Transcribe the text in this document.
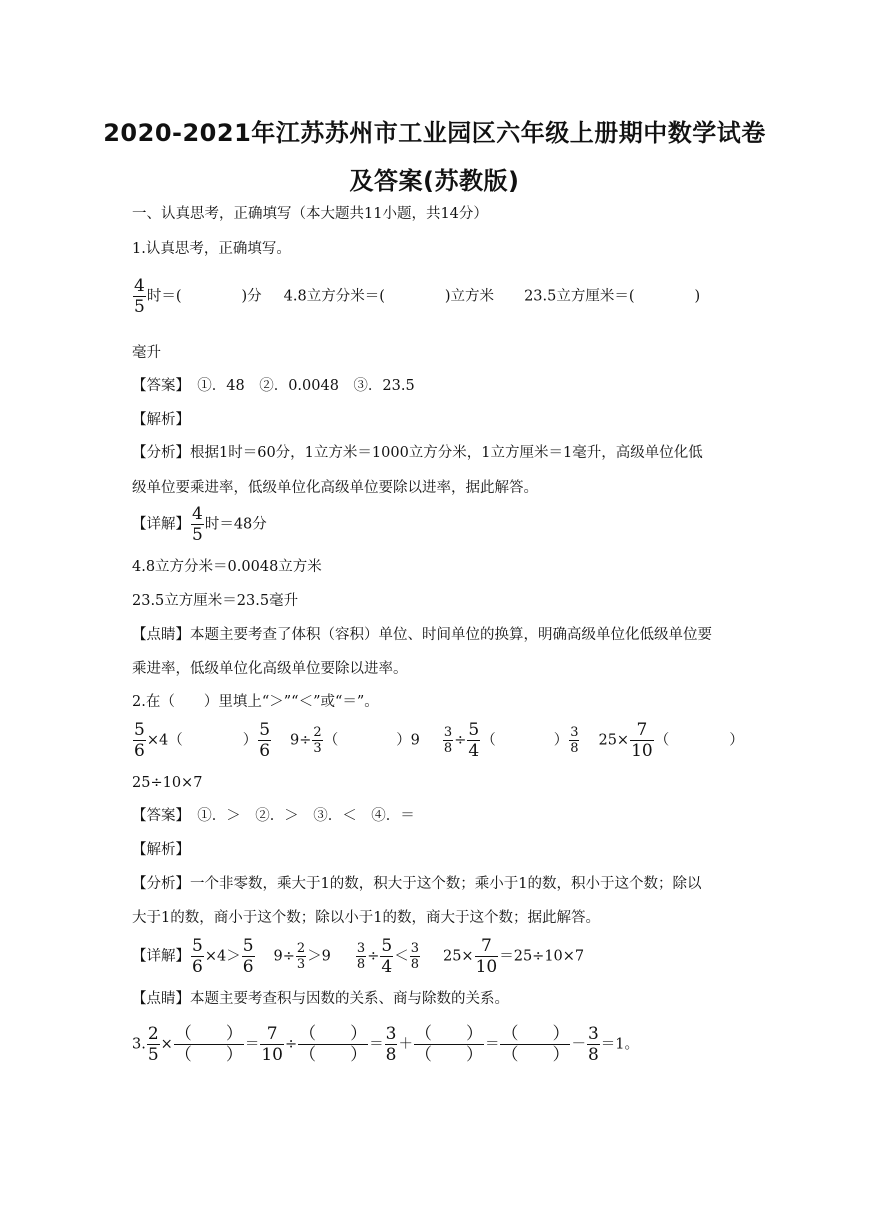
2020-2021年江苏苏州市工业园区六年级上册期中数学试卷
及答案(苏教版)
一、认真思考，正确填写（本大题共11小题，共14分）
1.认真思考，正确填写。
$\frac{4}{5}$ 时＝(	)分 4.8立方分米＝(	)立方米 23.5立方厘米＝(	)
毫升
【答案】　①．48　②．0.0048　③．23.5
【解析】
【分析】根据1时＝60分，1立方米＝1000立方分米，1立方厘米＝1毫升，高级单位化低
级单位要乘进率，低级单位化高级单位要除以进率，据此解答。
【详解】 $\frac{4}{5}$ 时＝48分
4.8立方分米＝0.0048立方米
23.5立方厘米＝23.5毫升
【点睛】本题主要考查了体积（容积）单位、时间单位的换算，明确高级单位化低级单位要
乘进率，低级单位化高级单位要除以进率。
2.在（　　）里填上“＞”“＜”或“＝”。
$\frac{5}{6} \times 4$（	） $\frac{5}{6} 9\div \frac{2}{3}$ （	）$9 \frac{3}{8} \div \frac{5}{4}$ （	） $\frac{3}{8} 25\times \frac{7}{10}$ （	）
25÷10×7
【答案】　①．＞　②．＞　③．＜　④．＝
【解析】
【分析】一个非零数，乘大于1的数，积大于这个数；乘小于1的数，积小于这个数；除以
大于1的数，商小于这个数；除以小于1的数，商大于这个数；据此解答。
【详解】 $\frac{5}{6} \times 4> \frac{5}{6} 9\div \frac{2}{3} >9 \frac{3}{8} \div \frac{5}{4} < \frac{3}{8} 25\times \frac{7}{10} =25\div 10\times 7$
【点睛】本题主要考查积与因数的关系、商与除数的关系。
3. $\frac{2}{5} \times \frac{( )}{( )} = \frac{7}{10} \div \frac{( )}{( )} = \frac{3}{8} + \frac{( )}{( )} = \frac{( )}{( )} - \frac{3}{8} =1$。
